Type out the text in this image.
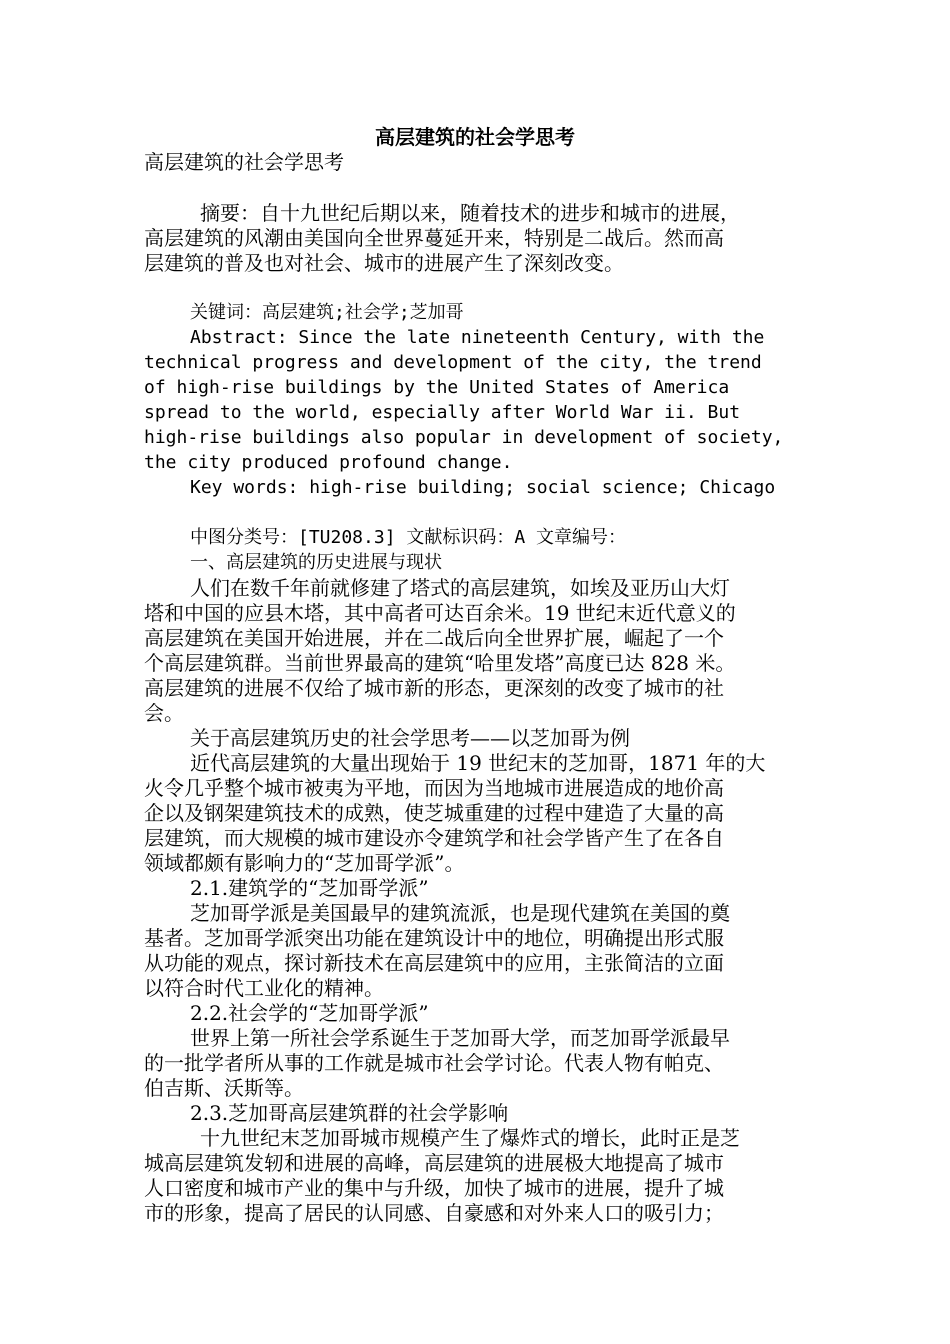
高层建筑的社会学思考
高层建筑的社会学思考
摘要：自十九世纪后期以来，随着技术的进步和城市的进展，
高层建筑的风潮由美国向全世界蔓延开来，特别是二战后。然而高
层建筑的普及也对社会、城市的进展产生了深刻改变。
关键词：高层建筑;社会学;芝加哥
Abstract: Since the late nineteenth Century, with the
technical progress and development of the city, the trend
of high-rise buildings by the United States of America
spread to the world, especially after World War ii. But
high-rise buildings also popular in development of society,
the city produced profound change.
Key words: high-rise building; social science; Chicago
中图分类号：[TU208.3] 文献标识码：A 文章编号：
一、高层建筑的历史进展与现状
人们在数千年前就修建了塔式的高层建筑，如埃及亚历山大灯
塔和中国的应县木塔，其中高者可达百余米。19 世纪末近代意义的
高层建筑在美国开始进展，并在二战后向全世界扩展，崛起了一个
个高层建筑群。当前世界最高的建筑“哈里发塔”高度已达 828 米。
高层建筑的进展不仅给了城市新的形态，更深刻的改变了城市的社
会。
关于高层建筑历史的社会学思考——以芝加哥为例
近代高层建筑的大量出现始于 19 世纪末的芝加哥，1871 年的大
火令几乎整个城市被夷为平地，而因为当地城市进展造成的地价高
企以及钢架建筑技术的成熟，使芝城重建的过程中建造了大量的高
层建筑，而大规模的城市建设亦令建筑学和社会学皆产生了在各自
领域都颇有影响力的“芝加哥学派”。
2.1.建筑学的“芝加哥学派”
芝加哥学派是美国最早的建筑流派，也是现代建筑在美国的奠
基者。芝加哥学派突出功能在建筑设计中的地位，明确提出形式服
从功能的观点，探讨新技术在高层建筑中的应用，主张简洁的立面
以符合时代工业化的精神。
2.2.社会学的“芝加哥学派”
世界上第一所社会学系诞生于芝加哥大学，而芝加哥学派最早
的一批学者所从事的工作就是城市社会学讨论。代表人物有帕克、
伯吉斯、沃斯等。
2.3.芝加哥高层建筑群的社会学影响
十九世纪末芝加哥城市规模产生了爆炸式的增长，此时正是芝
城高层建筑发轫和进展的高峰，高层建筑的进展极大地提高了城市
人口密度和城市产业的集中与升级，加快了城市的进展，提升了城
市的形象，提高了居民的认同感、自豪感和对外来人口的吸引力；
